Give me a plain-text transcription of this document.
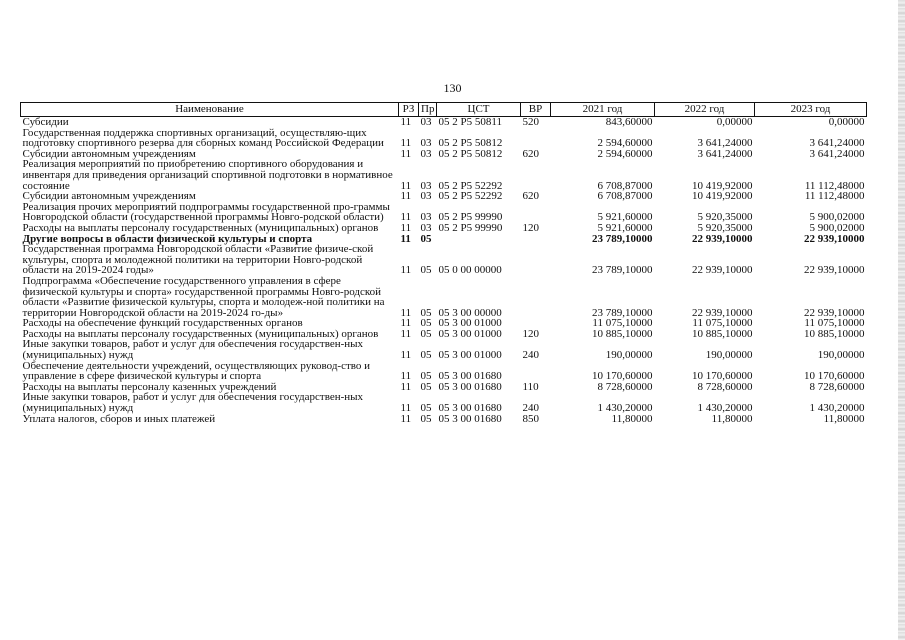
130
Наименование	РЗ	Пр	ЦСТ	ВР	2021 год	2022 год	2023 год
Субсидии	11	03	05 2 P5 50811	520	843,60000	0,00000	0,00000
Государственная поддержка спортивных организаций, осуществляю-щих подготовку спортивного резерва для сборных команд Российской Федерации	11	03	05 2 P5 50812		2 594,60000	3 641,24000	3 641,24000
Субсидии автономным учреждениям	11	03	05 2 P5 50812	620	2 594,60000	3 641,24000	3 641,24000
Реализация мероприятий по приобретению спортивного оборудования и инвентаря для приведения организаций спортивной подготовки в нормативное состояние	11	03	05 2 P5 52292		6 708,87000	10 419,92000	11 112,48000
Субсидии автономным учреждениям	11	03	05 2 P5 52292	620	6 708,87000	10 419,92000	11 112,48000
Реализация прочих мероприятий подпрограммы государственной про-граммы Новгородской области (государственной программы Новго-родской области)	11	03	05 2 P5 99990		5 921,60000	5 920,35000	5 900,02000
Расходы на выплаты персоналу государственных (муниципальных) органов	11	03	05 2 P5 99990	120	5 921,60000	5 920,35000	5 900,02000
Другие вопросы в области физической культуры и спорта	11	05			23 789,10000	22 939,10000	22 939,10000
Государственная программа Новгородской области «Развитие физиче-ской культуры, спорта и молодежной политики на территории Новго-родской области на 2019-2024 годы»	11	05	05 0 00 00000		23 789,10000	22 939,10000	22 939,10000
Подпрограмма «Обеспечение государственного управления в сфере физической культуры и спорта» государственной программы Новго-родской области «Развитие физической культуры, спорта и молодеж-ной политики на территории Новгородской области на 2019-2024 го-ды»	11	05	05 3 00 00000		23 789,10000	22 939,10000	22 939,10000
Расходы на обеспечение функций государственных органов	11	05	05 3 00 01000		11 075,10000	11 075,10000	11 075,10000
Расходы на выплаты персоналу государственных (муниципальных) органов	11	05	05 3 00 01000	120	10 885,10000	10 885,10000	10 885,10000
Иные закупки товаров, работ и услуг для обеспечения государствен-ных (муниципальных) нужд	11	05	05 3 00 01000	240	190,00000	190,00000	190,00000
Обеспечение деятельности учреждений, осуществляющих руковод-ство и управление в сфере физической культуры и спорта	11	05	05 3 00 01680		10 170,60000	10 170,60000	10 170,60000
Расходы на выплаты персоналу казенных учреждений	11	05	05 3 00 01680	110	8 728,60000	8 728,60000	8 728,60000
Иные закупки товаров, работ и услуг для обеспечения государствен-ных (муниципальных) нужд	11	05	05 3 00 01680	240	1 430,20000	1 430,20000	1 430,20000
Уплата налогов, сборов и иных платежей	11	05	05 3 00 01680	850	11,80000	11,80000	11,80000
